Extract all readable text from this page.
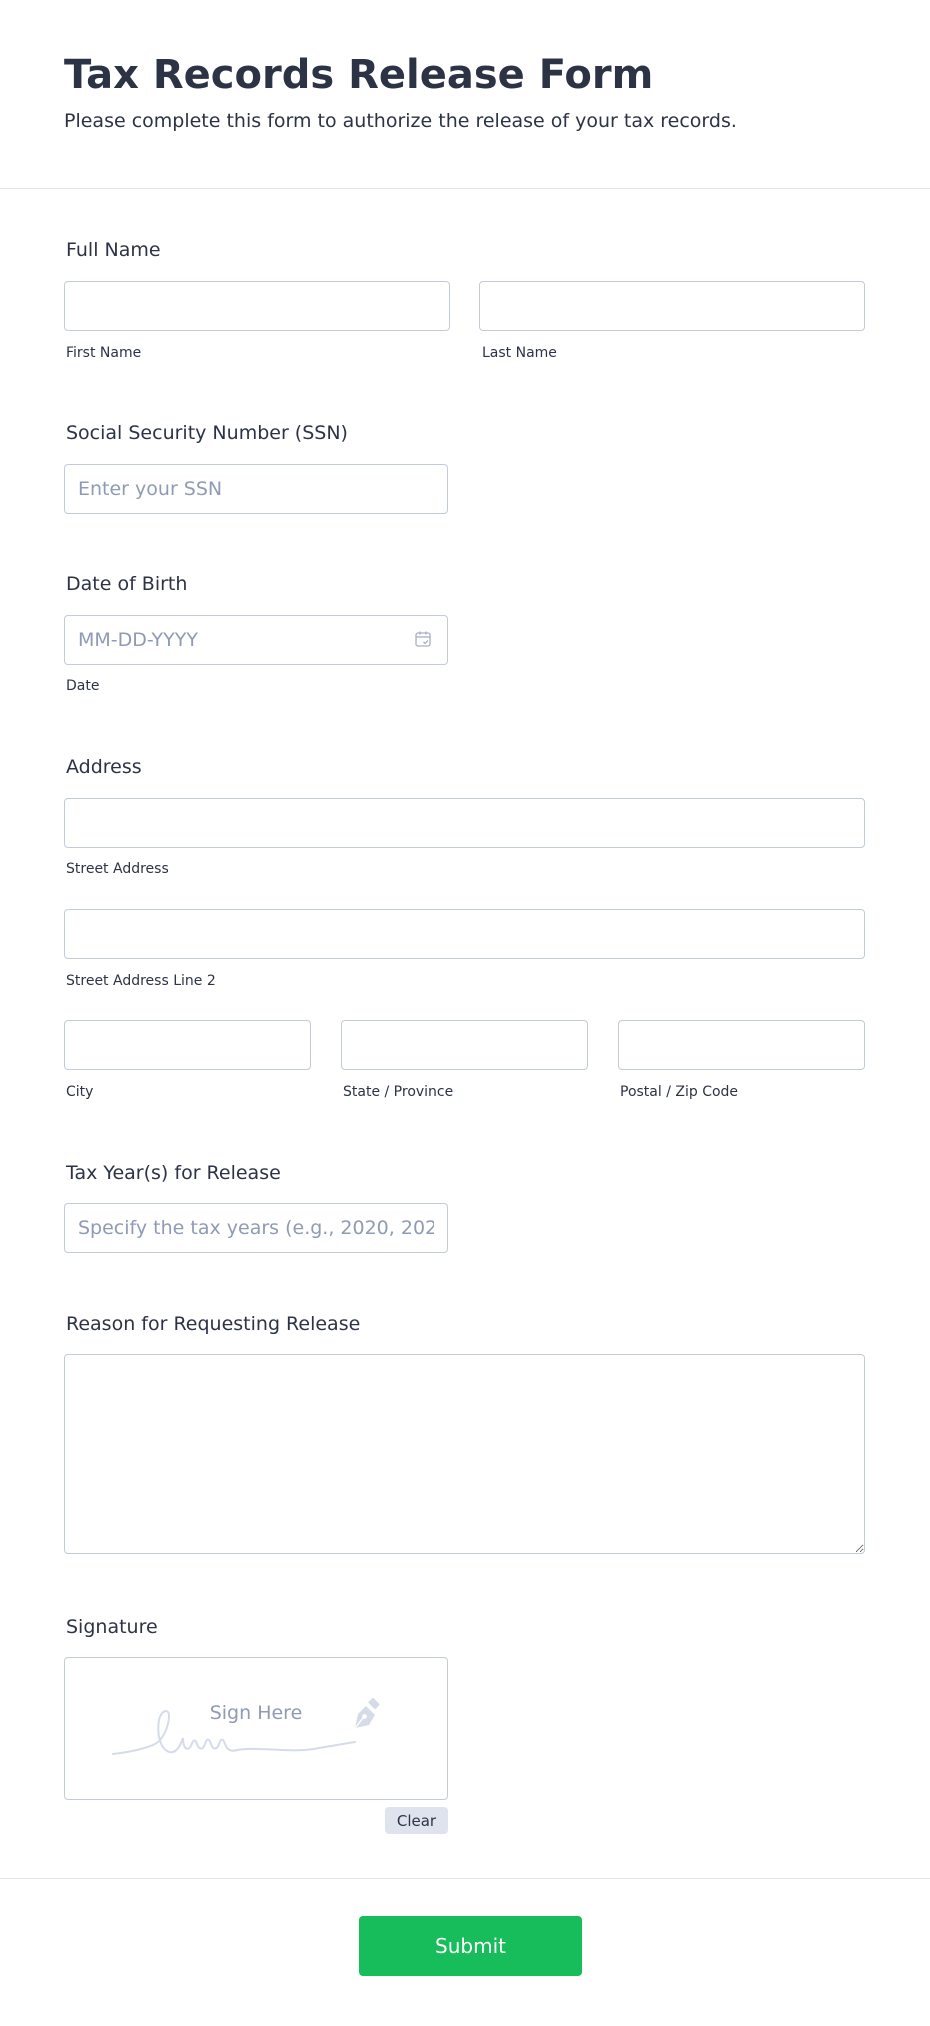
Tax Records Release Form
Please complete this form to authorize the release of your tax records.
Full Name
First Name	Last Name
Social Security Number (SSN)
Enter your SSN
Date of Birth
MM-DD-YYYY
Date
Address
Street Address
Street Address Line 2
City	State / Province	Postal / Zip Code
Tax Year(s) for Release
Specify the tax years (e.g., 2020, 2021)
Reason for Requesting Release
Signature
Sign Here
Clear
Submit
